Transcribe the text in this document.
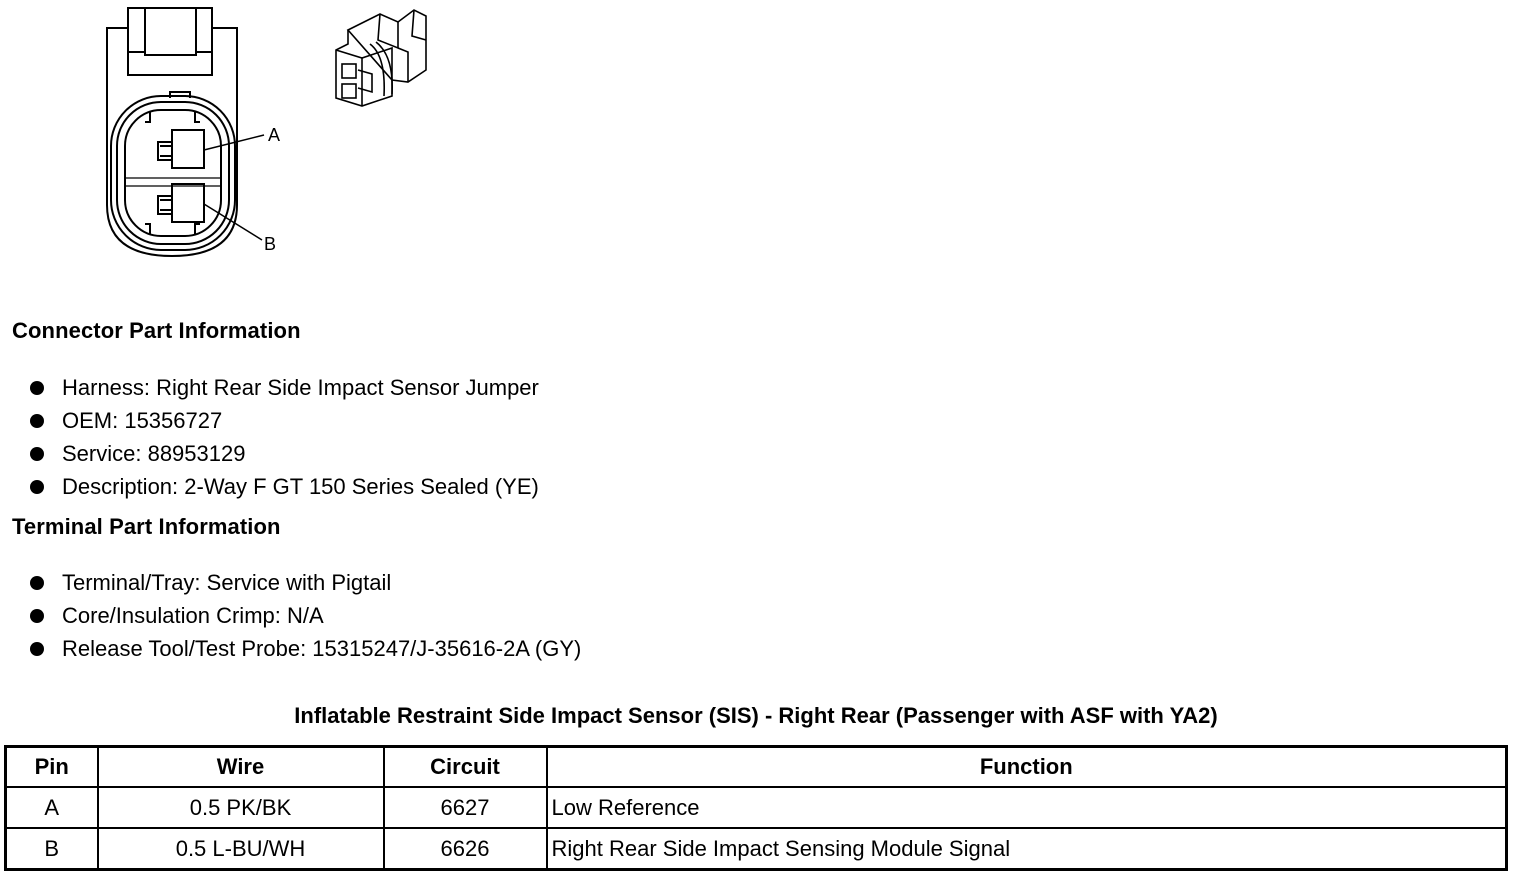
A
B
Connector Part Information
Harness: Right Rear Side Impact Sensor Jumper
OEM: 15356727
Service: 88953129
Description: 2-Way F GT 150 Series Sealed (YE)
Terminal Part Information
Terminal/Tray: Service with Pigtail
Core/Insulation Crimp: N/A
Release Tool/Test Probe: 15315247/J-35616-2A (GY)
Inflatable Restraint Side Impact Sensor (SIS) - Right Rear (Passenger with ASF with YA2)
Pin	Wire	Circuit	Function
A	0.5 PK/BK	6627	Low Reference
B	0.5 L-BU/WH	6626	Right Rear Side Impact Sensing Module Signal
